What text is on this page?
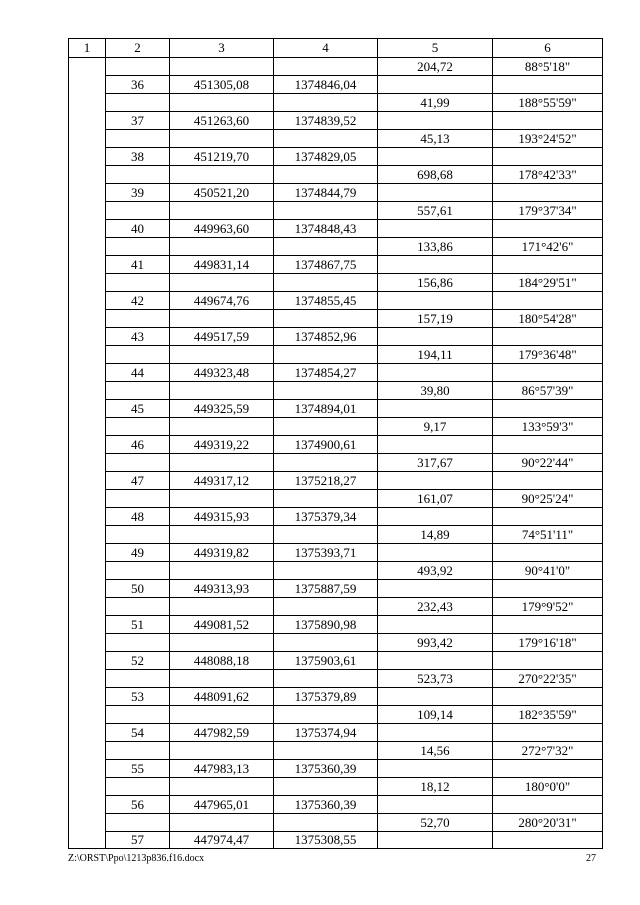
1	2	3	4	5	6
				204,72	88°5'18"
	36	451305,08	1374846,04		
				41,99	188°55'59"
	37	451263,60	1374839,52		
				45,13	193°24'52"
	38	451219,70	1374829,05		
				698,68	178°42'33"
	39	450521,20	1374844,79		
				557,61	179°37'34"
	40	449963,60	1374848,43		
				133,86	171°42'6"
	41	449831,14	1374867,75		
				156,86	184°29'51"
	42	449674,76	1374855,45		
				157,19	180°54'28"
	43	449517,59	1374852,96		
				194,11	179°36'48"
	44	449323,48	1374854,27		
				39,80	86°57'39"
	45	449325,59	1374894,01		
				9,17	133°59'3"
	46	449319,22	1374900,61		
				317,67	90°22'44"
	47	449317,12	1375218,27		
				161,07	90°25'24"
	48	449315,93	1375379,34		
				14,89	74°51'11"
	49	449319,82	1375393,71		
				493,92	90°41'0"
	50	449313,93	1375887,59		
				232,43	179°9'52"
	51	449081,52	1375890,98		
				993,42	179°16'18"
	52	448088,18	1375903,61		
				523,73	270°22'35"
	53	448091,62	1375379,89		
				109,14	182°35'59"
	54	447982,59	1375374,94		
				14,56	272°7'32"
	55	447983,13	1375360,39		
				18,12	180°0'0"
	56	447965,01	1375360,39		
				52,70	280°20'31"
	57	447974,47	1375308,55		
Z:\ORST\Ppo\1213p836.f16.docx	27
